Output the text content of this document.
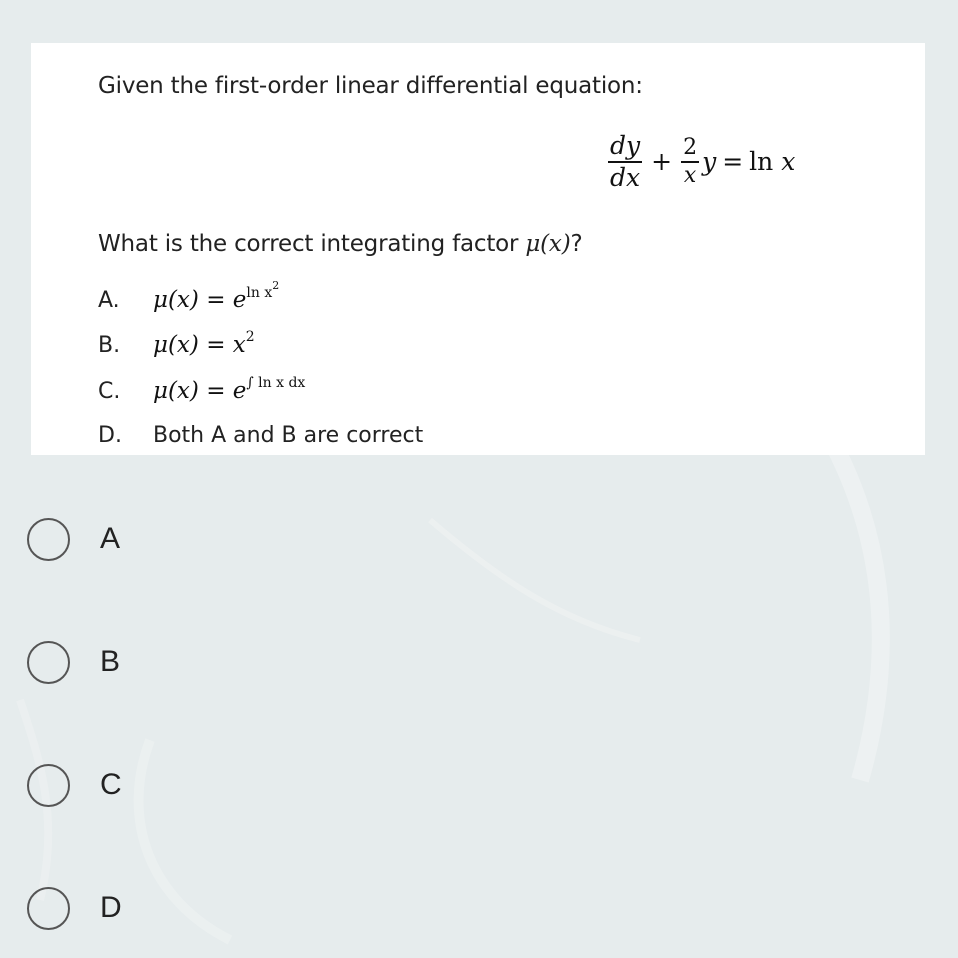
Given the first-order linear differential equation:
$\frac{dy}{dx} + \frac{2}{x}$ y = ln
x
What is the correct integrating factor μ(x)?
A. $\mu(x) = e^{ln x^2}$
B. $\mu(x) = x^2$
C. $\mu(x) = e^{\int ln x dx}$
D. Both A and B are correct
A
B
C
D
